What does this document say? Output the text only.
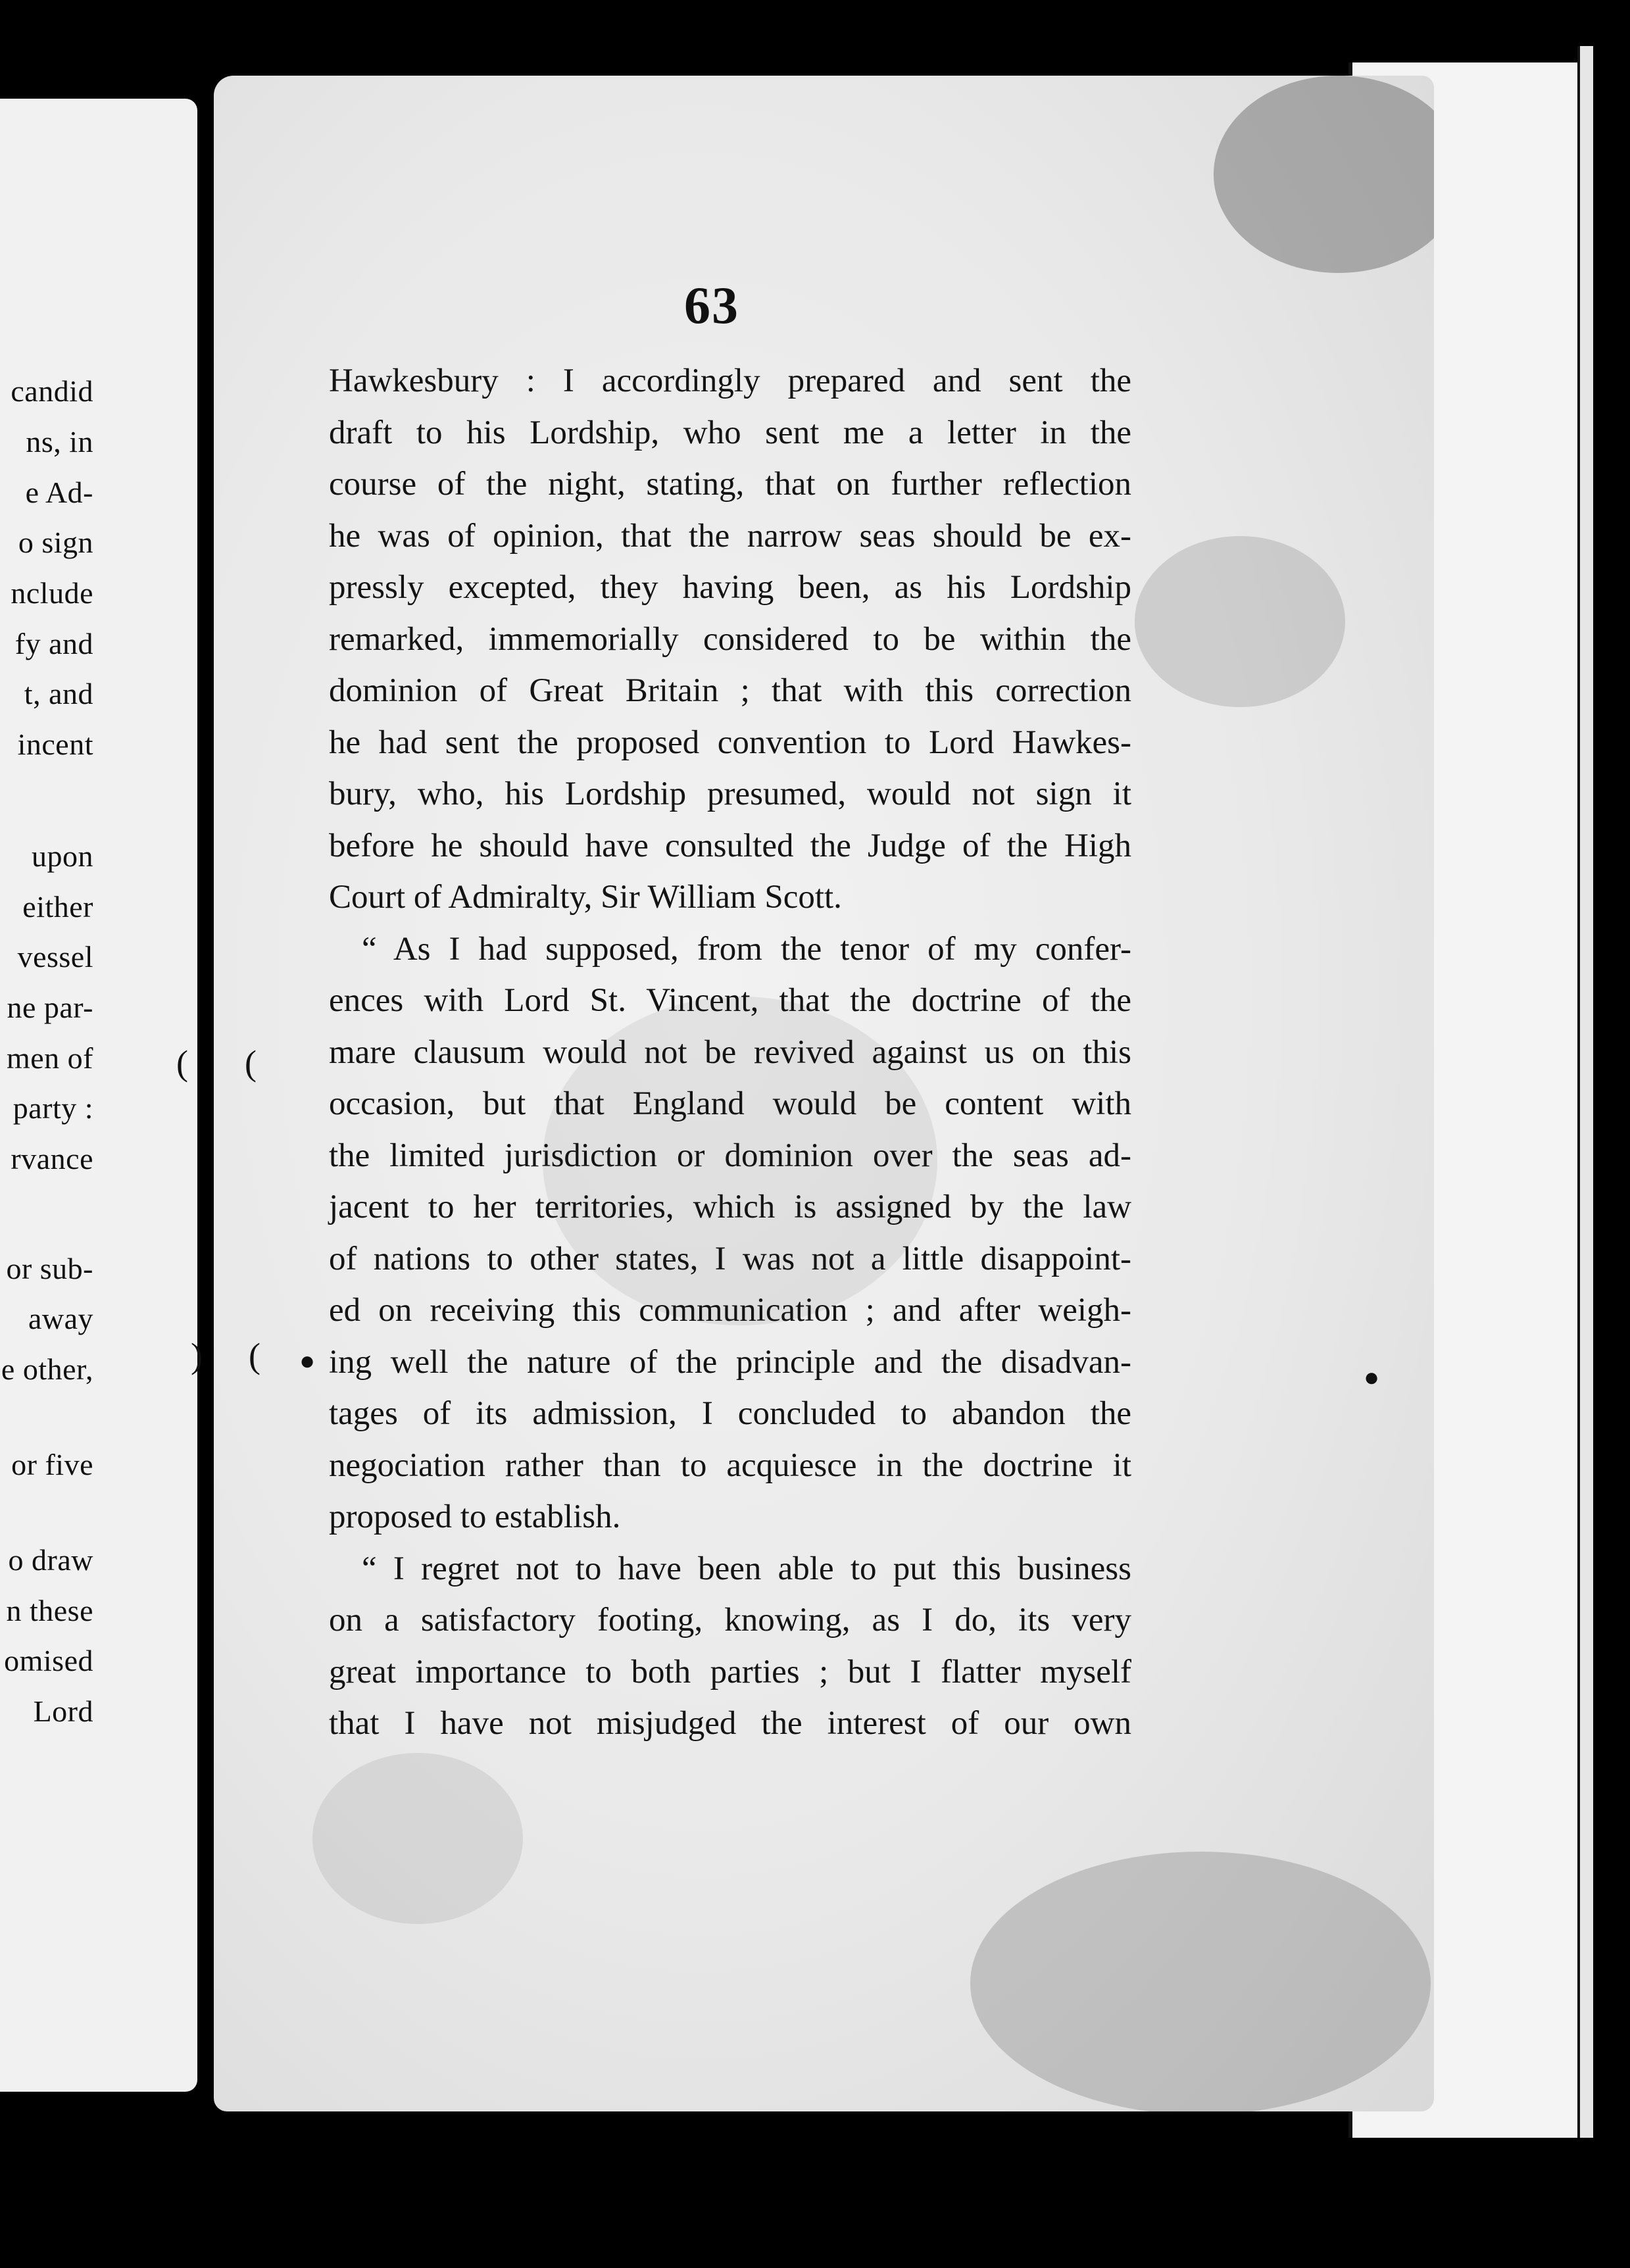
candid
ns, in
e Ad-
o sign
nclude
fy and
t, and
incent
upon
either
vessel
ne par-
men of
party :
rvance
or sub-
away
e other,
or five
o draw
n these
omised
Lord
63
Hawkesbury : I accordingly prepared and sent the
draft to his Lordship, who sent me a letter in the
course of the night, stating, that on further reflection
he was of opinion, that the narrow seas should be ex-
pressly excepted, they having been, as his Lordship
remarked, immemorially considered to be within the
dominion of Great Britain ; that with this correction
he had sent the proposed convention to Lord Hawkes-
bury, who, his Lordship presumed, would not sign it
before he should have consulted the Judge of the High
Court of Admiralty, Sir William Scott.
“ As I had supposed, from the tenor of my confer-
ences with Lord St. Vincent, that the doctrine of the
mare clausum would not be revived against us on this
occasion, but that England would be content with
the limited jurisdiction or dominion over the seas ad-
jacent to her territories, which is assigned by the law
of nations to other states, I was not a little disappoint-
ed on receiving this communication ; and after weigh-
ing well the nature of the principle and the disadvan-
tages of its admission, I concluded to abandon the
negociation rather than to acquiesce in the doctrine it
proposed to establish.
“ I regret not to have been able to put this business
on a satisfactory footing, knowing, as I do, its very
great importance to both parties ; but I flatter myself
that I have not misjudged the interest of our own
( (
) ( ●
●
